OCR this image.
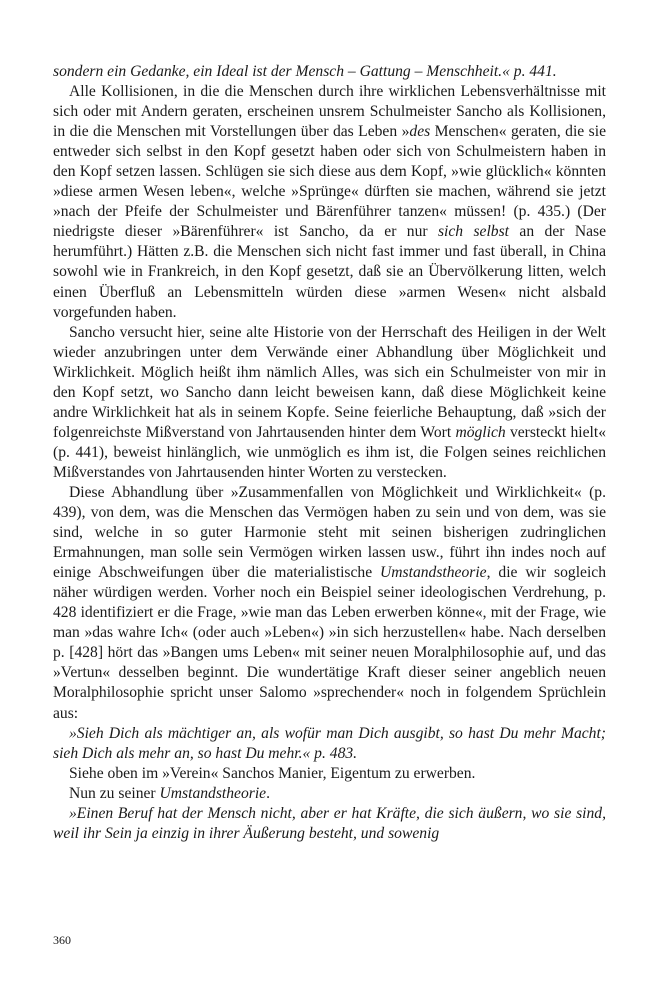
sondern ein Gedanke, ein Ideal ist der Mensch – Gattung – Menschheit.« p. 441.

Alle Kollisionen, in die die Menschen durch ihre wirklichen Lebensverhältnisse mit sich oder mit Andern geraten, erscheinen unsrem Schulmeister Sancho als Kollisionen, in die die Menschen mit Vorstellungen über das Leben »des Menschen« geraten, die sie entweder sich selbst in den Kopf gesetzt haben oder sich von Schulmeistern haben in den Kopf setzen lassen. Schlügen sie sich diese aus dem Kopf, »wie glücklich« könnten »diese armen Wesen leben«, welche »Sprünge« dürften sie machen, während sie jetzt »nach der Pfeife der Schulmeister und Bärenführer tanzen« müssen! (p. 435.) (Der niedrigste dieser »Bärenführer« ist Sancho, da er nur sich selbst an der Nase herumführt.) Hätten z.B. die Menschen sich nicht fast immer und fast überall, in China sowohl wie in Frankreich, in den Kopf gesetzt, daß sie an Übervölkerung litten, welch einen Überfluß an Lebensmitteln würden diese »armen Wesen« nicht alsbald vorgefunden haben.

Sancho versucht hier, seine alte Historie von der Herrschaft des Heiligen in der Welt wieder anzubringen unter dem Verwände einer Abhandlung über Möglichkeit und Wirklichkeit. Möglich heißt ihm nämlich Alles, was sich ein Schulmeister von mir in den Kopf setzt, wo Sancho dann leicht beweisen kann, daß diese Möglichkeit keine andre Wirklichkeit hat als in seinem Kopfe. Seine feierliche Behauptung, daß »sich der folgenreichste Mißverstand von Jahrtausenden hinter dem Wort möglich versteckt hielt« (p. 441), beweist hinlänglich, wie unmöglich es ihm ist, die Folgen seines reichlichen Mißverstandes von Jahrtausenden hinter Worten zu verstecken.

Diese Abhandlung über »Zusammenfallen von Möglichkeit und Wirklichkeit« (p. 439), von dem, was die Menschen das Vermögen haben zu sein und von dem, was sie sind, welche in so guter Harmonie steht mit seinen bisherigen zudringlichen Ermahnungen, man solle sein Vermögen wirken lassen usw., führt ihn indes noch auf einige Abschweifungen über die materialistische Umstandstheorie, die wir sogleich näher würdigen werden. Vorher noch ein Beispiel seiner ideologischen Verdrehung, p. 428 identifiziert er die Frage, »wie man das Leben erwerben könne«, mit der Frage, wie man »das wahre Ich« (oder auch »Leben«) »in sich herzustellen« habe. Nach derselben p. [428] hört das »Bangen ums Leben« mit seiner neuen Moralphilosophie auf, und das »Vertun« desselben beginnt. Die wundertätige Kraft dieser seiner angeblich neuen Moralphilosophie spricht unser Salomo »sprechender« noch in folgendem Sprüchlein aus:

»Sieh Dich als mächtiger an, als wofür man Dich ausgibt, so hast Du mehr Macht; sieh Dich als mehr an, so hast Du mehr.« p. 483.

Siehe oben im »Verein« Sanchos Manier, Eigentum zu erwerben.

Nun zu seiner Umstandstheorie.

»Einen Beruf hat der Mensch nicht, aber er hat Kräfte, die sich äußern, wo sie sind, weil ihr Sein ja einzig in ihrer Äußerung besteht, und sowenig

360
